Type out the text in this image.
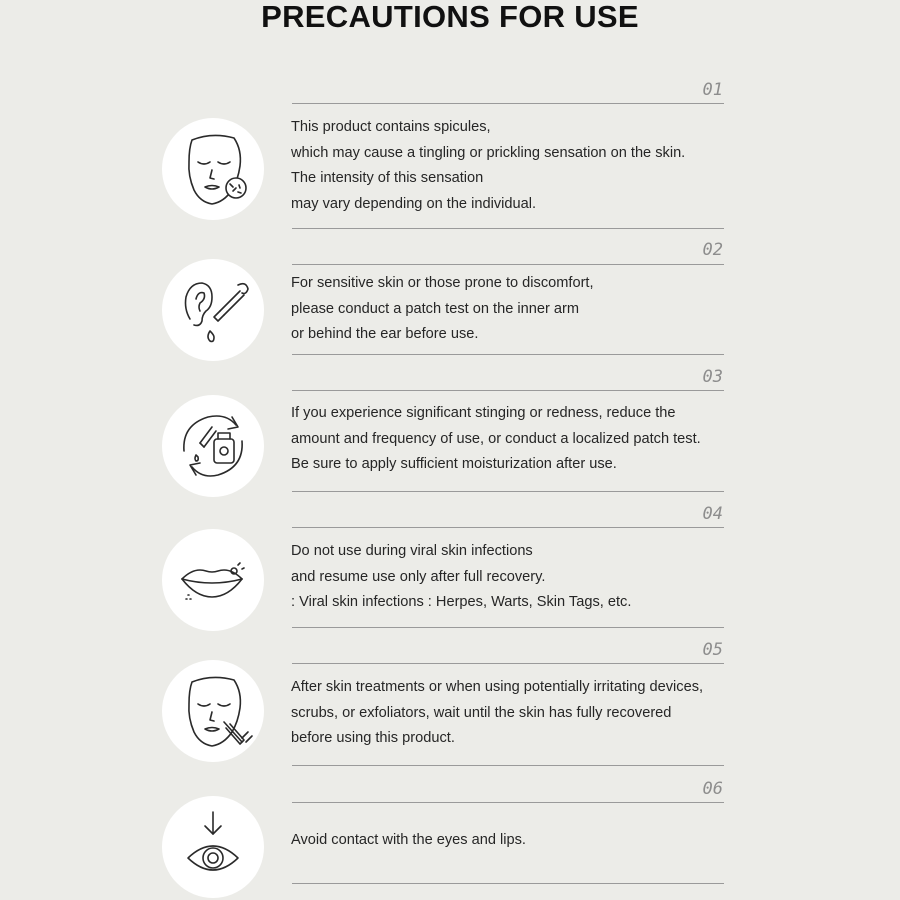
PRECAUTIONS FOR USE
01
This product contains spicules,
which may cause a tingling or prickling sensation on the skin.
The intensity of this sensation
may vary depending on the individual.
02
For sensitive skin or those prone to discomfort,
please conduct a patch test on the inner arm
or behind the ear before use.
03
If you experience significant stinging or redness, reduce the
amount and frequency of use, or conduct a localized patch test.
Be sure to apply sufficient moisturization after use.
04
Do not use during viral skin infections
and resume use only after full recovery.
: Viral skin infections : Herpes, Warts, Skin Tags, etc.
05
After skin treatments or when using potentially irritating devices,
scrubs, or exfoliators, wait until the skin has fully recovered
before using this product.
06
Avoid contact with the eyes and lips.
